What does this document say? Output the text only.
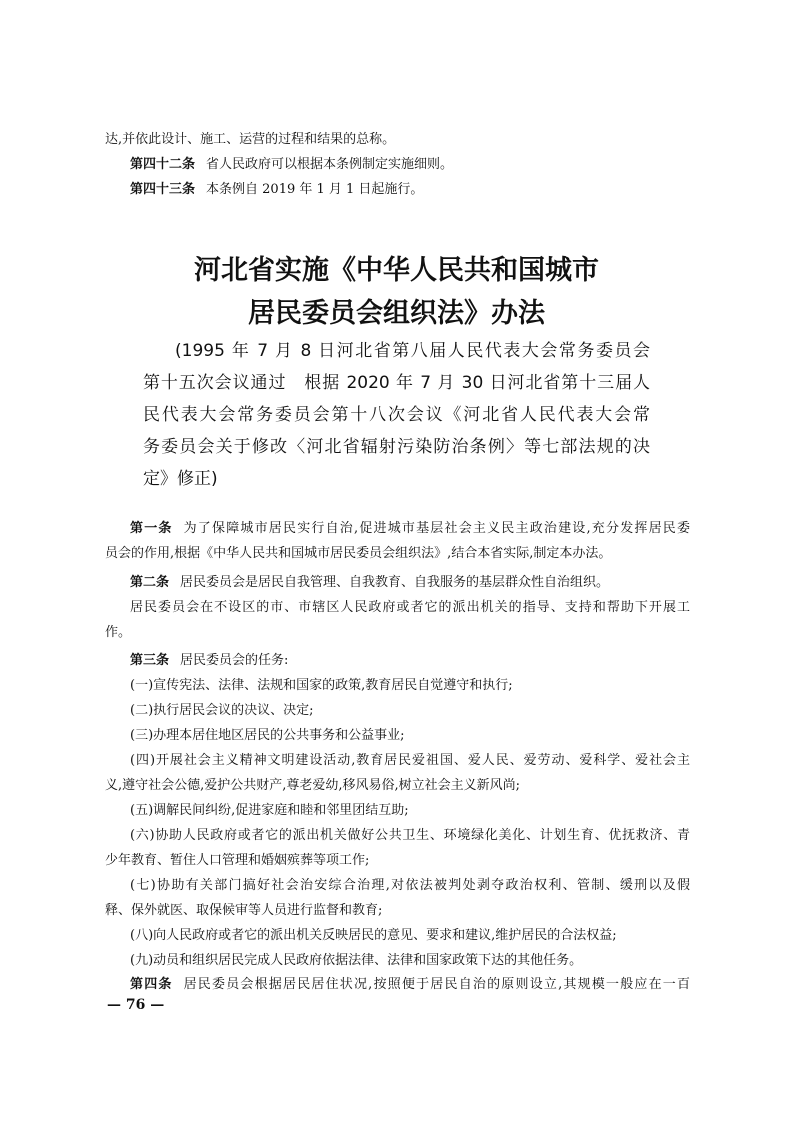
达,并依此设计、施工、运营的过程和结果的总称。
第四十二条 省人民政府可以根据本条例制定实施细则。
第四十三条 本条例自 2019 年 1 月 1 日起施行。
河北省实施《中华人民共和国城市
居民委员会组织法》办法
(1995 年 7 月 8 日河北省第八届人民代表大会常务委员会
第十五次会议通过　根据 2020 年 7 月 30 日河北省第十三届人
民代表大会常务委员会第十八次会议《河北省人民代表大会常
务委员会关于修改〈河北省辐射污染防治条例〉等七部法规的决
定》修正)
第一条 为了保障城市居民实行自治,促进城市基层社会主义民主政治建设,充分发挥居民委
员会的作用,根据《中华人民共和国城市居民委员会组织法》,结合本省实际,制定本办法。
第二条 居民委员会是居民自我管理、自我教育、自我服务的基层群众性自治组织。
居民委员会在不设区的市、市辖区人民政府或者它的派出机关的指导、支持和帮助下开展工
作。
第三条 居民委员会的任务:
(一)宣传宪法、法律、法规和国家的政策,教育居民自觉遵守和执行;
(二)执行居民会议的决议、决定;
(三)办理本居住地区居民的公共事务和公益事业;
(四)开展社会主义精神文明建设活动,教育居民爱祖国、爱人民、爱劳动、爱科学、爱社会主
义,遵守社会公德,爱护公共财产,尊老爱幼,移风易俗,树立社会主义新风尚;
(五)调解民间纠纷,促进家庭和睦和邻里团结互助;
(六)协助人民政府或者它的派出机关做好公共卫生、环境绿化美化、计划生育、优抚救济、青
少年教育、暂住人口管理和婚姻殡葬等项工作;
(七)协助有关部门搞好社会治安综合治理,对依法被判处剥夺政治权利、管制、缓刑以及假
释、保外就医、取保候审等人员进行监督和教育;
(八)向人民政府或者它的派出机关反映居民的意见、要求和建议,维护居民的合法权益;
(九)动员和组织居民完成人民政府依据法律、法律和国家政策下达的其他任务。
第四条 居民委员会根据居民居住状况,按照便于居民自治的原则设立,其规模一般应在一百
— 76 —
